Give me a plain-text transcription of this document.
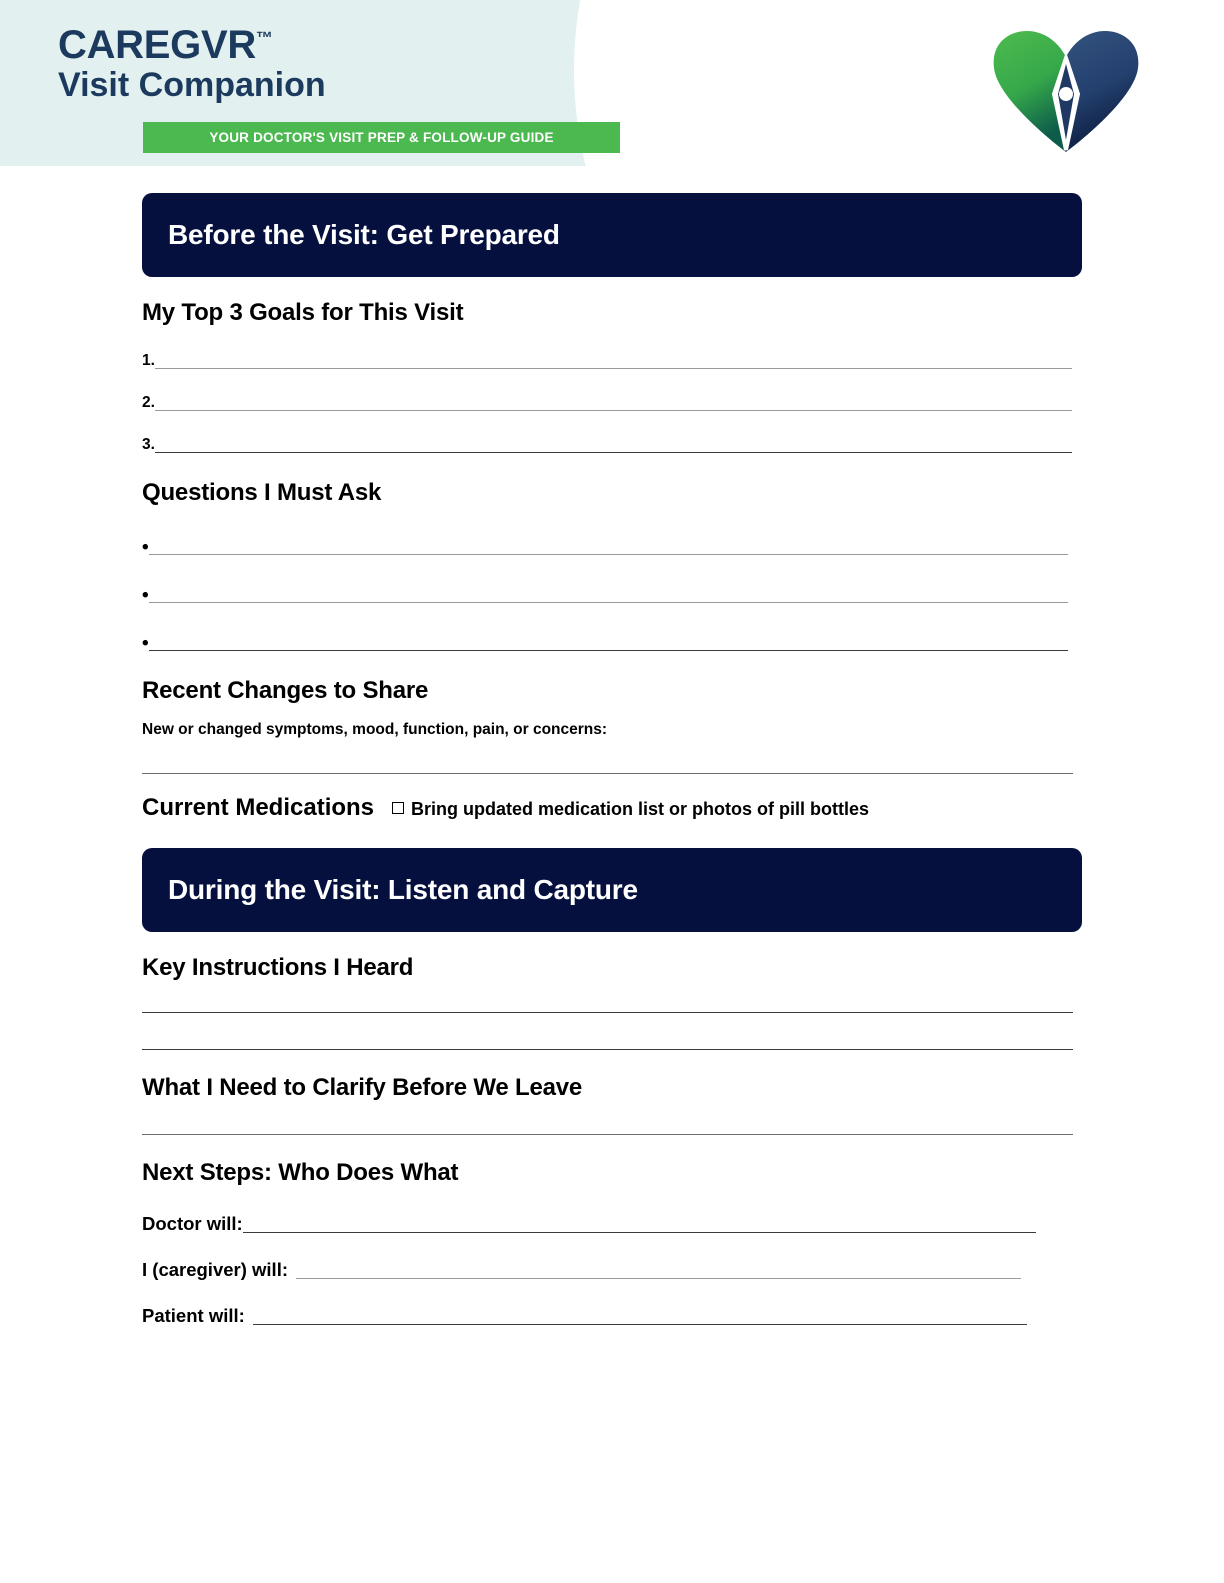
CAREGVR™
Visit Companion
YOUR DOCTOR'S VISIT PREP & FOLLOW-UP GUIDE
Before the Visit: Get Prepared
My Top 3 Goals for This Visit
1.
2.
3.
Questions I Must Ask
•
•
•
Recent Changes to Share
New or changed symptoms, mood, function, pain, or concerns:
Current Medications	Bring updated medication list or photos of pill bottles
During the Visit: Listen and Capture
Key Instructions I Heard
What I Need to Clarify Before We Leave
Next Steps: Who Does What
Doctor will:
I (caregiver) will:
Patient will:
